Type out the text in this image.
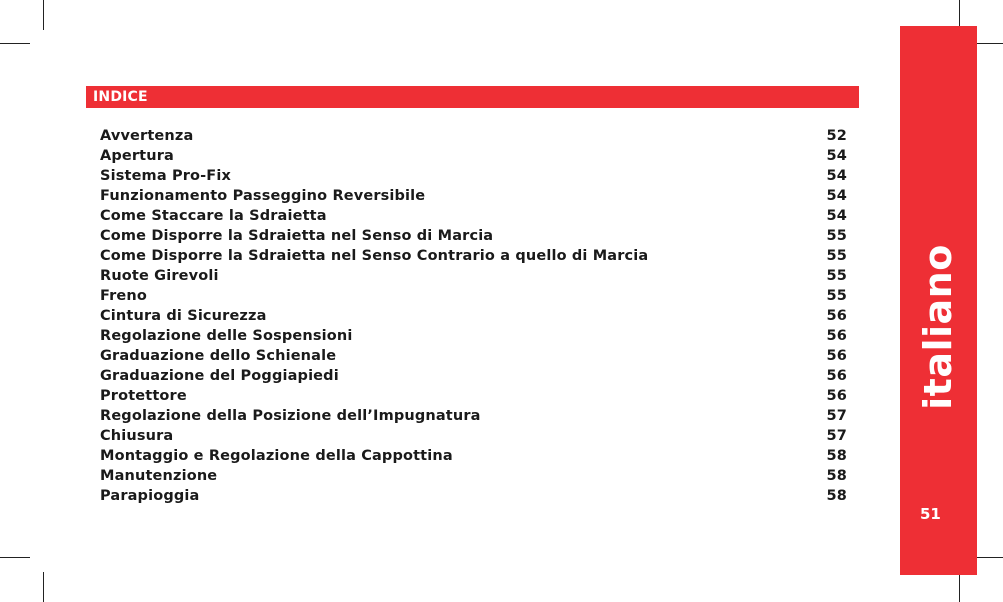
INDICE
Avvertenza	52
Apertura	54
Sistema Pro-Fix	54
Funzionamento Passeggino Reversibile	54
Come Staccare la Sdraietta	54
Come Disporre la Sdraietta nel Senso di Marcia	55
Come Disporre la Sdraietta nel Senso Contrario a quello di Marcia	55
Ruote Girevoli	55
Freno	55
Cintura di Sicurezza	56
Regolazione delle Sospensioni	56
Graduazione dello Schienale	56
Graduazione del Poggiapiedi	56
Protettore	56
Regolazione della Posizione dell’Impugnatura	57
Chiusura	57
Montaggio e Regolazione della Cappottina	58
Manutenzione	58
Parapioggia	58
italiano
51
